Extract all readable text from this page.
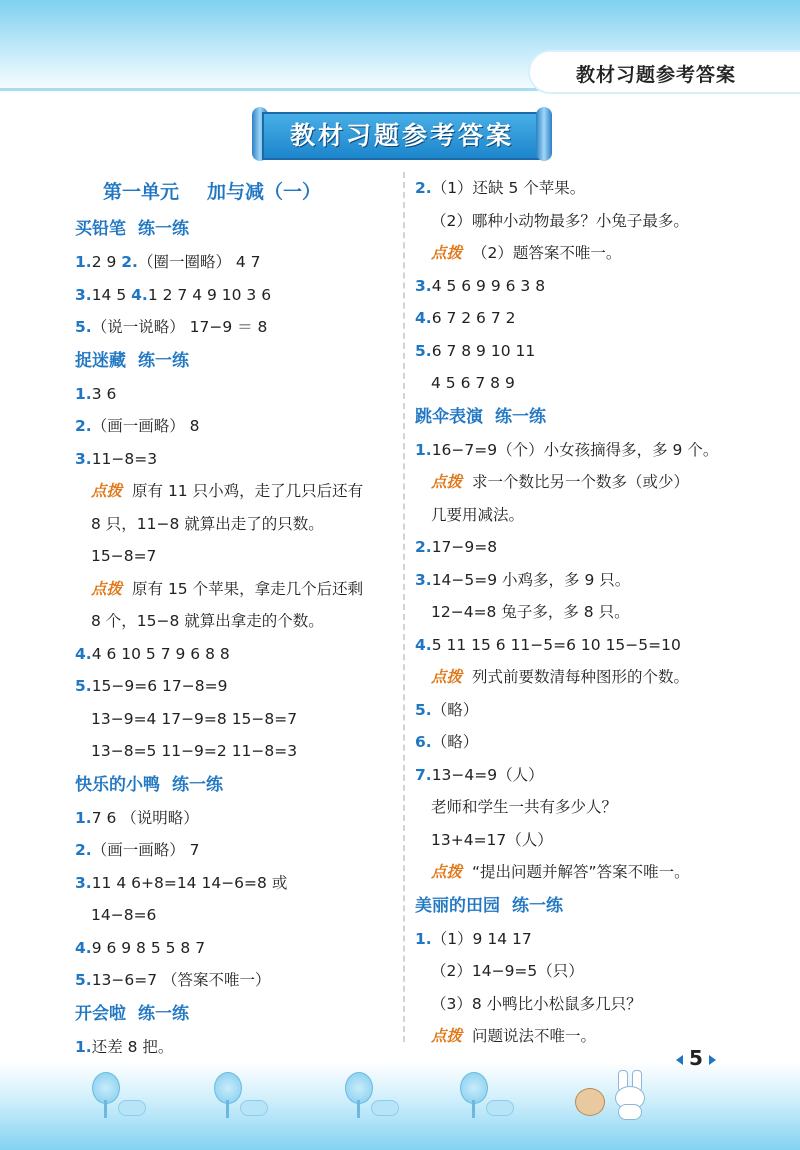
教材习题参考答案
教材习题参考答案
第一单元 加与减（一）
买铅笔 练一练
1.2 9 2.（圈一圈略） 4 7
3.14 5 4.1 2 7 4 9 10 3 6
5.（说一说略） 17−9 ＝ 8
捉迷藏 练一练
1.3 6
2.（画一画略） 8
3.11−8=3
点拨 原有 11 只小鸡，走了几只后还有
8 只，11−8 就算出走了的只数。
15−8=7
点拨 原有 15 个苹果，拿走几个后还剩
8 个，15−8 就算出拿走的个数。
4.4 6 10 5 7 9 6 8 8
5.15−9=6 17−8=9
13−9=4 17−9=8 15−8=7
13−8=5 11−9=2 11−8=3
快乐的小鸭 练一练
1.7 6 （说明略）
2.（画一画略） 7
3.11 4 6+8=14 14−6=8 或
14−8=6
4.9 6 9 8 5 5 8 7
5.13−6=7 （答案不唯一）
开会啦 练一练
1.还差 8 把。
2.（1）还缺 5 个苹果。
（2）哪种小动物最多？小兔子最多。
点拨 （2）题答案不唯一。
3.4 5 6 9 9 6 3 8
4.6 7 2 6 7 2
5.6 7 8 9 10 11
4 5 6 7 8 9
跳伞表演 练一练
1.16−7=9（个）小女孩摘得多，多 9 个。
点拨 求一个数比另一个数多（或少）
几要用减法。
2.17−9=8
3.14−5=9 小鸡多，多 9 只。
12−4=8 兔子多，多 8 只。
4.5 11 15 6 11−5=6 10 15−5=10
点拨 列式前要数清每种图形的个数。
5.（略）
6.（略）
7.13−4=9（人）
老师和学生一共有多少人？
13+4=17（人）
点拨 “提出问题并解答”答案不唯一。
美丽的田园 练一练
1.（1）9 14 17
（2）14−9=5（只）
（3）8 小鸭比小松鼠多几只？
点拨 问题说法不唯一。
5
